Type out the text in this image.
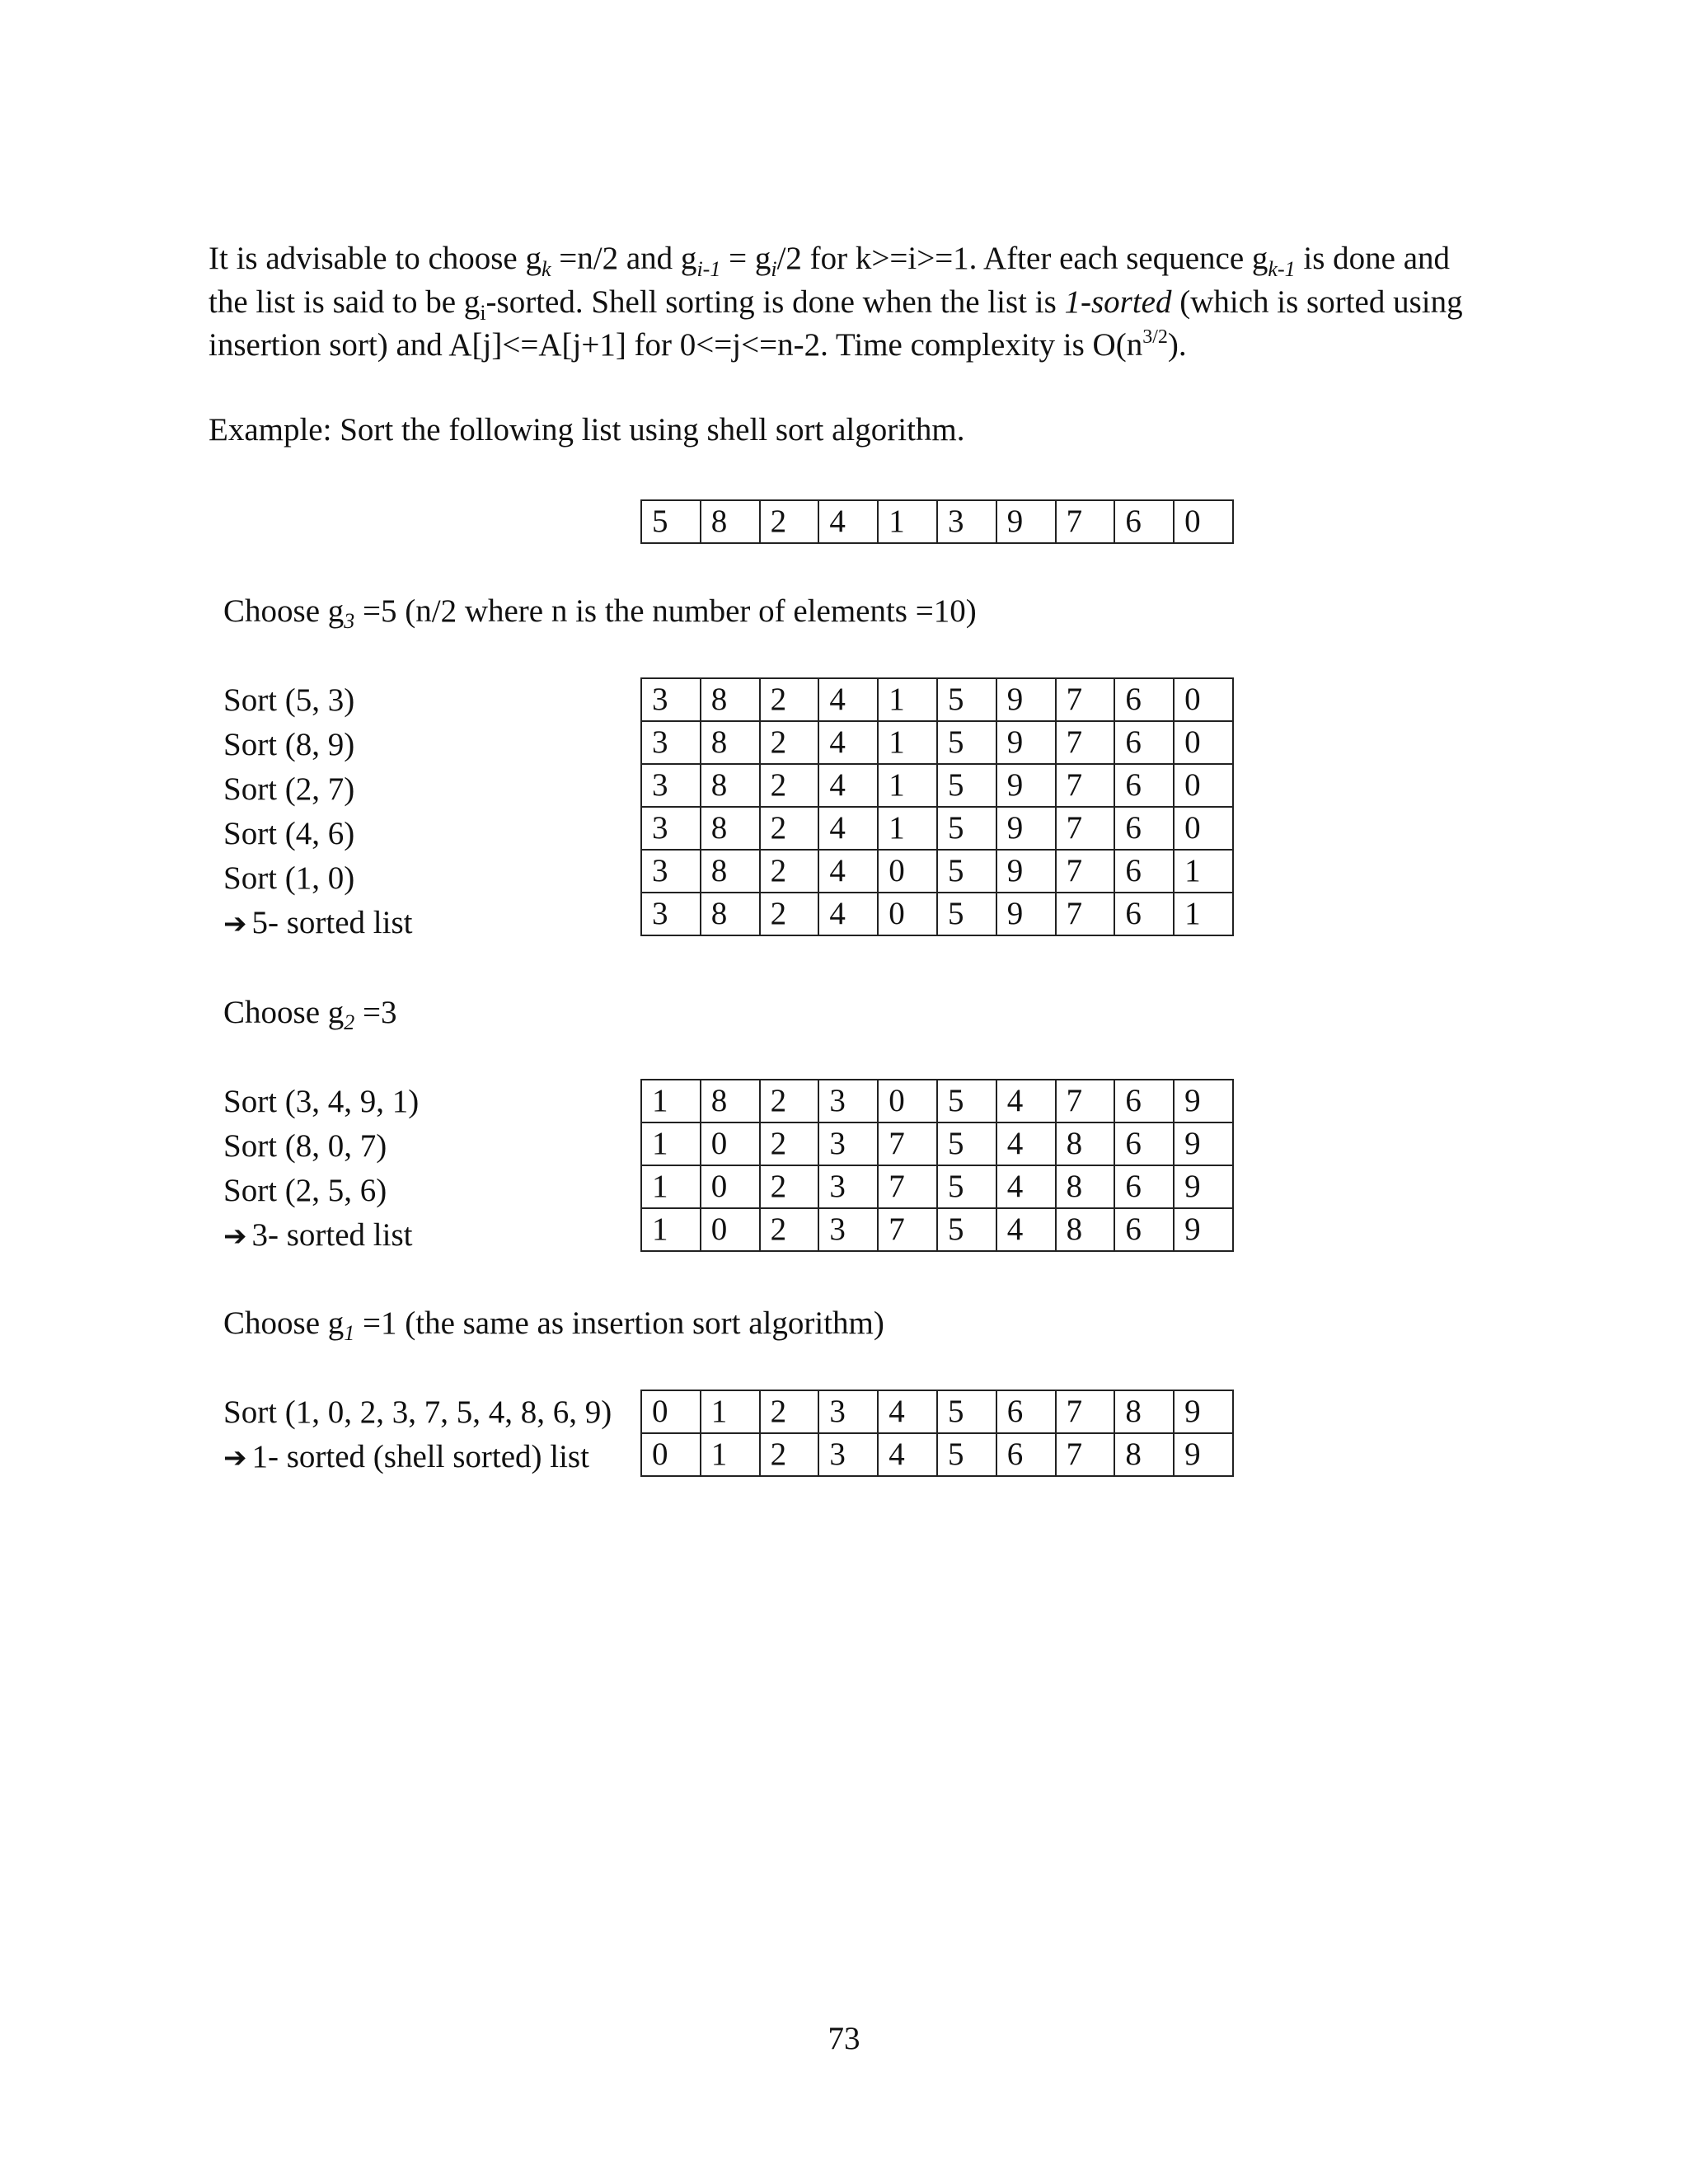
It is advisable to choose $g_k =n/2$ and $g_{i-1} = g_i/2$ for k>=i>=1. After each sequence $g_{k-1}$ is done and the list is said to be $g_i$-sorted. Shell sorting is done when the list is 1-sorted (which is sorted using insertion sort) and A[j]<=A[j+1] for 0<=j<=n-2. Time complexity is $O(n^{3/2})$.
Example: Sort the following list using shell sort algorithm.
5	8	2	4	1	3	9	7	6	0
Choose $g_3 =5$ (n/2 where n is the number of elements =10)
Sort (5, 3)
Sort (8, 9)
Sort (2, 7)
Sort (4, 6)
Sort (1, 0)
➔ 5- sorted list
3	8	2	4	1	5	9	7	6	0
3	8	2	4	1	5	9	7	6	0
3	8	2	4	1	5	9	7	6	0
3	8	2	4	1	5	9	7	6	0
3	8	2	4	0	5	9	7	6	1
3	8	2	4	0	5	9	7	6	1
Choose $g_2 =3$
Sort (3, 4, 9, 1)
Sort (8, 0, 7)
Sort (2, 5, 6)
➔ 3- sorted list
1	8	2	3	0	5	4	7	6	9
1	0	2	3	7	5	4	8	6	9
1	0	2	3	7	5	4	8	6	9
1	0	2	3	7	5	4	8	6	9
Choose $g_1 =1$ (the same as insertion sort algorithm)
Sort (1, 0, 2, 3, 7, 5, 4, 8, 6, 9)
➔ 1- sorted (shell sorted) list
0	1	2	3	4	5	6	7	8	9
0	1	2	3	4	5	6	7	8	9
73
